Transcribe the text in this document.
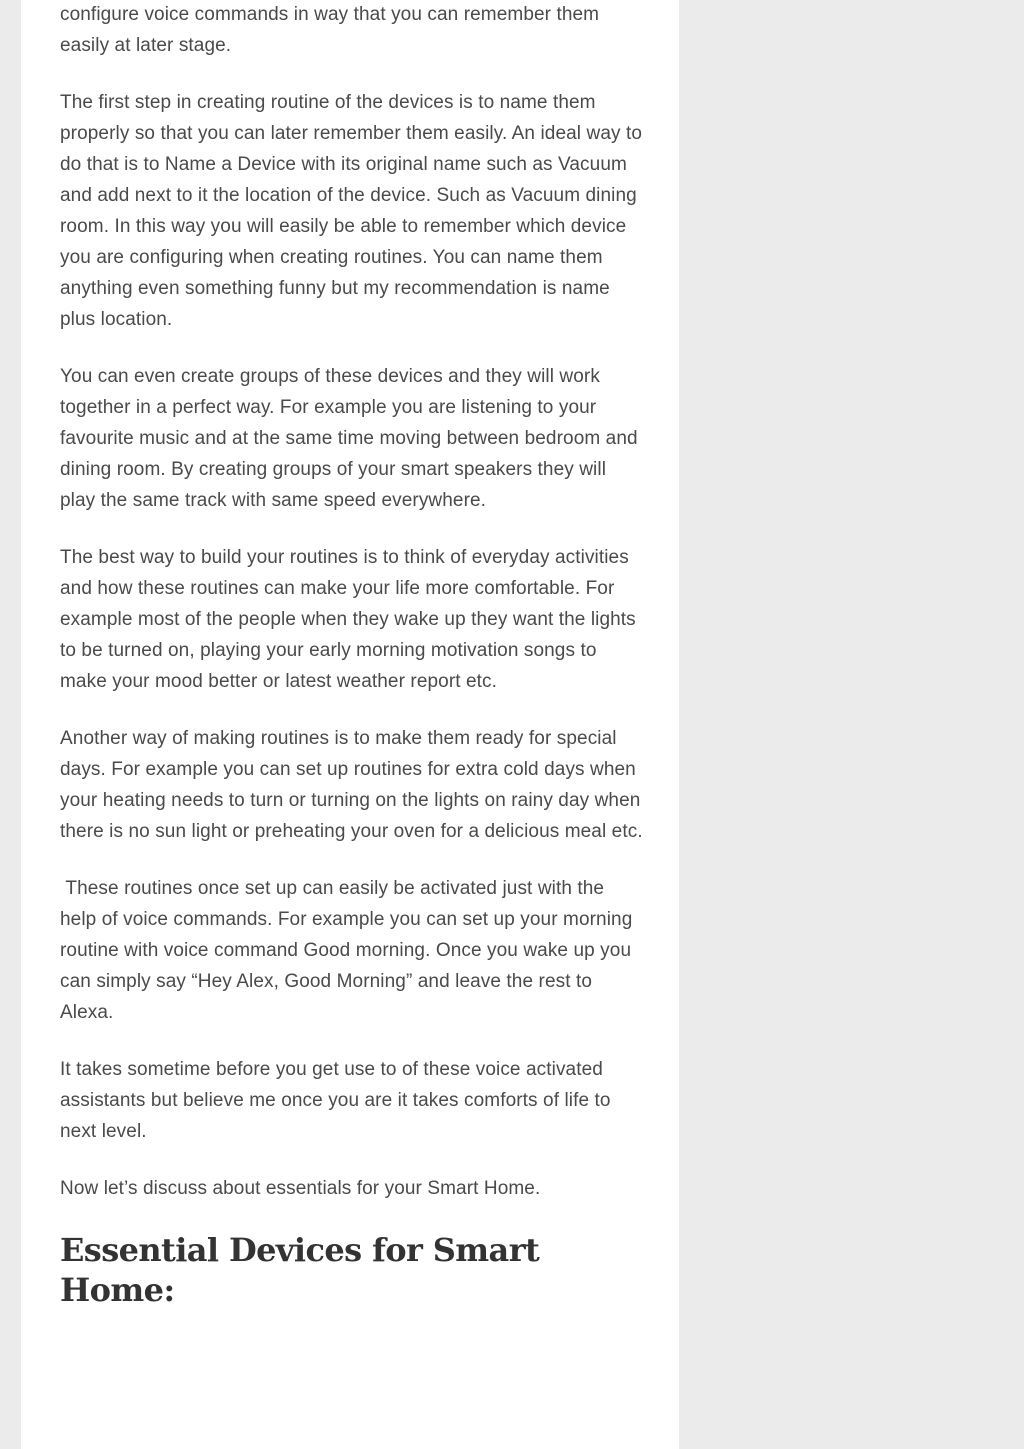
configure voice commands in way that you can remember them easily at later stage.

The first step in creating routine of the devices is to name them properly so that you can later remember them easily. An ideal way to do that is to Name a Device with its original name such as Vacuum and add next to it the location of the device. Such as Vacuum dining room. In this way you will easily be able to remember which device you are configuring when creating routines. You can name them anything even something funny but my recommendation is name plus location.

You can even create groups of these devices and they will work together in a perfect way. For example you are listening to your favourite music and at the same time moving between bedroom and dining room. By creating groups of your smart speakers they will play the same track with same speed everywhere.

The best way to build your routines is to think of everyday activities and how these routines can make your life more comfortable. For example most of the people when they wake up they want the lights to be turned on, playing your early morning motivation songs to make your mood better or latest weather report etc.

Another way of making routines is to make them ready for special days. For example you can set up routines for extra cold days when your heating needs to turn or turning on the lights on rainy day when there is no sun light or preheating your oven for a delicious meal etc.

These routines once set up can easily be activated just with the help of voice commands. For example you can set up your morning routine with voice command Good morning. Once you wake up you can simply say “Hey Alex, Good Morning” and leave the rest to Alexa.

It takes sometime before you get use to of these voice activated assistants but believe me once you are it takes comforts of life to next level.

Now let’s discuss about essentials for your Smart Home.

Essential Devices for Smart Home:
